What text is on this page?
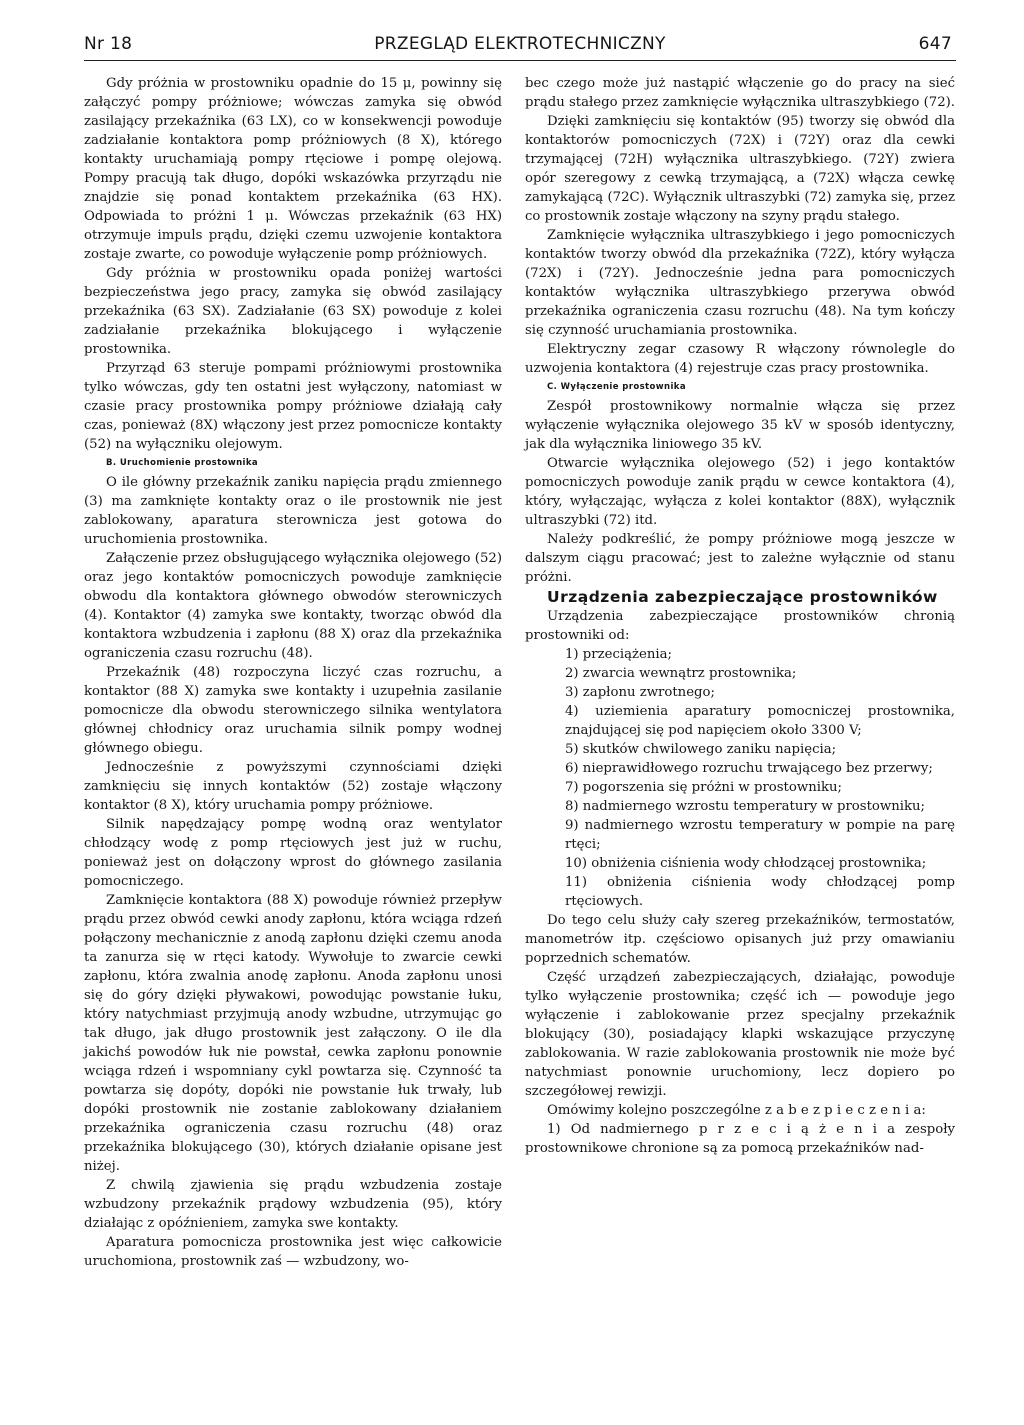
Nr 18	PRZEGLĄD ELEKTROTECHNICZNY	647

Gdy próżnia w prostowniku opadnie do 15 μ, powinny się załączyć pompy próżniowe; wówczas zamyka się obwód zasilający przekaźnika (63 LX), co w konsekwencji powoduje zadziałanie kontaktora pomp próżniowych (8 X), którego kontakty uruchamiają pompy rtęciowe i pompę olejową. Pompy pracują tak długo, dopóki wskazówka przyrządu nie znajdzie się ponad kontaktem przekaźnika (63 HX). Odpowiada to próżni 1 μ. Wówczas przekaźnik (63 HX) otrzymuje impuls prądu, dzięki czemu uzwojenie kontaktora zostaje zwarte, co powoduje wyłączenie pomp próżniowych.

Gdy próżnia w prostowniku opada poniżej wartości bezpieczeństwa jego pracy, zamyka się obwód zasilający przekaźnika (63 SX). Zadziałanie (63 SX) powoduje z kolei zadziałanie przekaźnika blokującego i wyłączenie prostownika.

Przyrząd 63 steruje pompami próżniowymi prostownika tylko wówczas, gdy ten ostatni jest wyłączony, natomiast w czasie pracy prostownika pompy próżniowe działają cały czas, ponieważ (8X) włączony jest przez pomocnicze kontakty (52) na wyłączniku olejowym.

B. Uruchomienie prostownika

O ile główny przekaźnik zaniku napięcia prądu zmiennego (3) ma zamknięte kontakty oraz o ile prostownik nie jest zablokowany, aparatura sterownicza jest gotowa do uruchomienia prostownika.

Załączenie przez obsługującego wyłącznika olejowego (52) oraz jego kontaktów pomocniczych powoduje zamknięcie obwodu dla kontaktora głównego obwodów sterowniczych (4). Kontaktor (4) zamyka swe kontakty, tworząc obwód dla kontaktora wzbudzenia i zapłonu (88 X) oraz dla przekaźnika ograniczenia czasu rozruchu (48).

Przekaźnik (48) rozpoczyna liczyć czas rozruchu, a kontaktor (88 X) zamyka swe kontakty i uzupełnia zasilanie pomocnicze dla obwodu sterowniczego silnika wentylatora głównej chłodnicy oraz uruchamia silnik pompy wodnej głównego obiegu.

Jednocześnie z powyższymi czynnościami dzięki zamknięciu się innych kontaktów (52) zostaje włączony kontaktor (8 X), który uruchamia pompy próżniowe.

Silnik napędzający pompę wodną oraz wentylator chłodzący wodę z pomp rtęciowych jest już w ruchu, ponieważ jest on dołączony wprost do głównego zasilania pomocniczego.

Zamknięcie kontaktora (88 X) powoduje również przepływ prądu przez obwód cewki anody zapłonu, która wciąga rdzeń połączony mechanicznie z anodą zapłonu dzięki czemu anoda ta zanurza się w rtęci katody. Wywołuje to zwarcie cewki zapłonu, która zwalnia anodę zapłonu. Anoda zapłonu unosi się do góry dzięki pływakowi, powodując powstanie łuku, który natychmiast przyjmują anody wzbudne, utrzymując go tak długo, jak długo prostownik jest załączony. O ile dla jakichś powodów łuk nie powstał, cewka zapłonu ponownie wciąga rdzeń i wspomniany cykl powtarza się. Czynność ta powtarza się dopóty, dopóki nie powstanie łuk trwały, lub dopóki prostownik nie zostanie zablokowany działaniem przekaźnika ograniczenia czasu rozruchu (48) oraz przekaźnika blokującego (30), których działanie opisane jest niżej.

Z chwilą zjawienia się prądu wzbudzenia zostaje wzbudzony przekaźnik prądowy wzbudzenia (95), który działając z opóźnieniem, zamyka swe kontakty.

Aparatura pomocnicza prostownika jest więc całkowicie uruchomiona, prostownik zaś — wzbudzony, wo-

bec czego może już nastąpić włączenie go do pracy na sieć prądu stałego przez zamknięcie wyłącznika ultraszybkiego (72).

Dzięki zamknięciu się kontaktów (95) tworzy się obwód dla kontaktorów pomocniczych (72X) i (72Y) oraz dla cewki trzymającej (72H) wyłącznika ultraszybkiego. (72Y) zwiera opór szeregowy z cewką trzymającą, a (72X) włącza cewkę zamykającą (72C). Wyłącznik ultraszybki (72) zamyka się, przez co prostownik zostaje włączony na szyny prądu stałego.

Zamknięcie wyłącznika ultraszybkiego i jego pomocniczych kontaktów tworzy obwód dla przekaźnika (72Z), który wyłącza (72X) i (72Y). Jednocześnie jedna para pomocniczych kontaktów wyłącznika ultraszybkiego przerywa obwód przekaźnika ograniczenia czasu rozruchu (48). Na tym kończy się czynność uruchamiania prostownika.

Elektryczny zegar czasowy R włączony równolegle do uzwojenia kontaktora (4) rejestruje czas pracy prostownika.

C. Wyłączenie prostownika

Zespół prostownikowy normalnie włącza się przez wyłączenie wyłącznika olejowego 35 kV w sposób identyczny, jak dla wyłącznika liniowego 35 kV.

Otwarcie wyłącznika olejowego (52) i jego kontaktów pomocniczych powoduje zanik prądu w cewce kontaktora (4), który, wyłączając, wyłącza z kolei kontaktor (88X), wyłącznik ultraszybki (72) itd.

Należy podkreślić, że pompy próżniowe mogą jeszcze w dalszym ciągu pracować; jest to zależne wyłącznie od stanu próżni.

Urządzenia zabezpieczające prostowników

Urządzenia zabezpieczające prostowników chronią prostowniki od:

1) przeciążenia;

2) zwarcia wewnątrz prostownika;

3) zapłonu zwrotnego;

4) uziemienia aparatury pomocniczej prostownika, znajdującej się pod napięciem około 3300 V;

5) skutków chwilowego zaniku napięcia;

6) nieprawidłowego rozruchu trwającego bez przerwy;

7) pogorszenia się próżni w prostowniku;

8) nadmiernego wzrostu temperatury w prostowniku;

9) nadmiernego wzrostu temperatury w pompie na parę rtęci;

10) obniżenia ciśnienia wody chłodzącej prostownika;

11) obniżenia ciśnienia wody chłodzącej pomp rtęciowych.

Do tego celu służy cały szereg przekaźników, termostatów, manometrów itp. częściowo opisanych już przy omawianiu poprzednich schematów.

Część urządzeń zabezpieczających, działając, powoduje tylko wyłączenie prostownika; część ich — powoduje jego wyłączenie i zablokowanie przez specjalny przekaźnik blokujący (30), posiadający klapki wskazujące przyczynę zablokowania. W razie zablokowania prostownik nie może być natychmiast ponownie uruchomiony, lecz dopiero po szczegółowej rewizji.

Omówimy kolejno poszczególne z a b e z p i e c z e n i a:

1) Od nadmiernego p r z e c i ą ż e n i a zespoły prostownikowe chronione są za pomocą przekaźników nad-
